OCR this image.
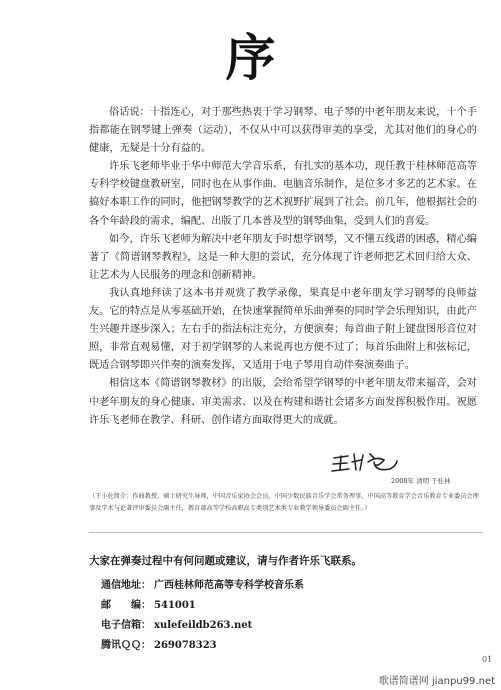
序

俗话说：十指连心，对于那些热衷于学习钢琴、电子琴的中老年朋友来说，十个手指都能在钢琴键上弹奏（运动），不仅从中可以获得审美的享受，尤其对他们的身心的健康，无疑是十分有益的。

许乐飞老师毕业于华中师范大学音乐系，有扎实的基本功，现任教于桂林师范高等专科学校键盘教研室，同时也在从事作曲、电脑音乐制作，是位多才多艺的艺术家。在搞好本职工作的同时，他把钢琴教学的艺术视野扩展到了社会。前几年，他根据社会的各个年龄段的需求，编配、出版了几本普及型的钢琴曲集，受到人们的喜爱。

如今，许乐飞老师为解决中老年朋友手时想学钢琴，又不懂五线谱的困惑，精心编著了《简谱钢琴教程》，这是一种大胆的尝试，充分体现了许老师把艺术回归给大众、让艺术为人民服务的理念和创新精神。

我认真地拜读了这本书并观赏了教学录像，果真是中老年朋友学习钢琴的良师益友。它的特点是从零基础开始，在快速掌握简单乐曲弹奏的同时学会乐理知识，由此产生兴趣并逐步深入；左右手的指法标注充分，方便演奏；每首曲子附上键盘图形音位对照，非常直观易懂，对于初学钢琴的人来说再也方便不过了；每首乐曲附上和弦标记，既适合钢琴即兴伴奏的演奏发挥，又适用于电子琴用自动伴奏演奏曲子。

相信这本《简谱钢琴教材》的出版，会给希望学钢琴的中老年朋友带来福音，会对中老年朋友的身心健康、审美需求、以及在构建和谐社会诸多方面发挥积极作用。祝愿许乐飞老师在教学、科研、创作诸方面取得更大的成就。

2008年 清明 于桂林

（王小危简介：作曲教授，硕士研究生导师，中国音乐家协会会员，中国少数民族音乐学会常务理事，中国高等教育学会音乐教育专业委员会理事及学术与论著评审委员会副主任，教育部高等学校高职高专类别艺术类专业教学领导委员会副主任。）

大家在弹奏过程中有何问题或建议，请与作者许乐飞联系。
通信地址： 广西桂林师范高等专科学校音乐系
邮　　编： 541001
电子信箱： xulefeildb263.net
腾讯ＱＱ： 269078323
01
歌谱简谱网 jianpu99.net
